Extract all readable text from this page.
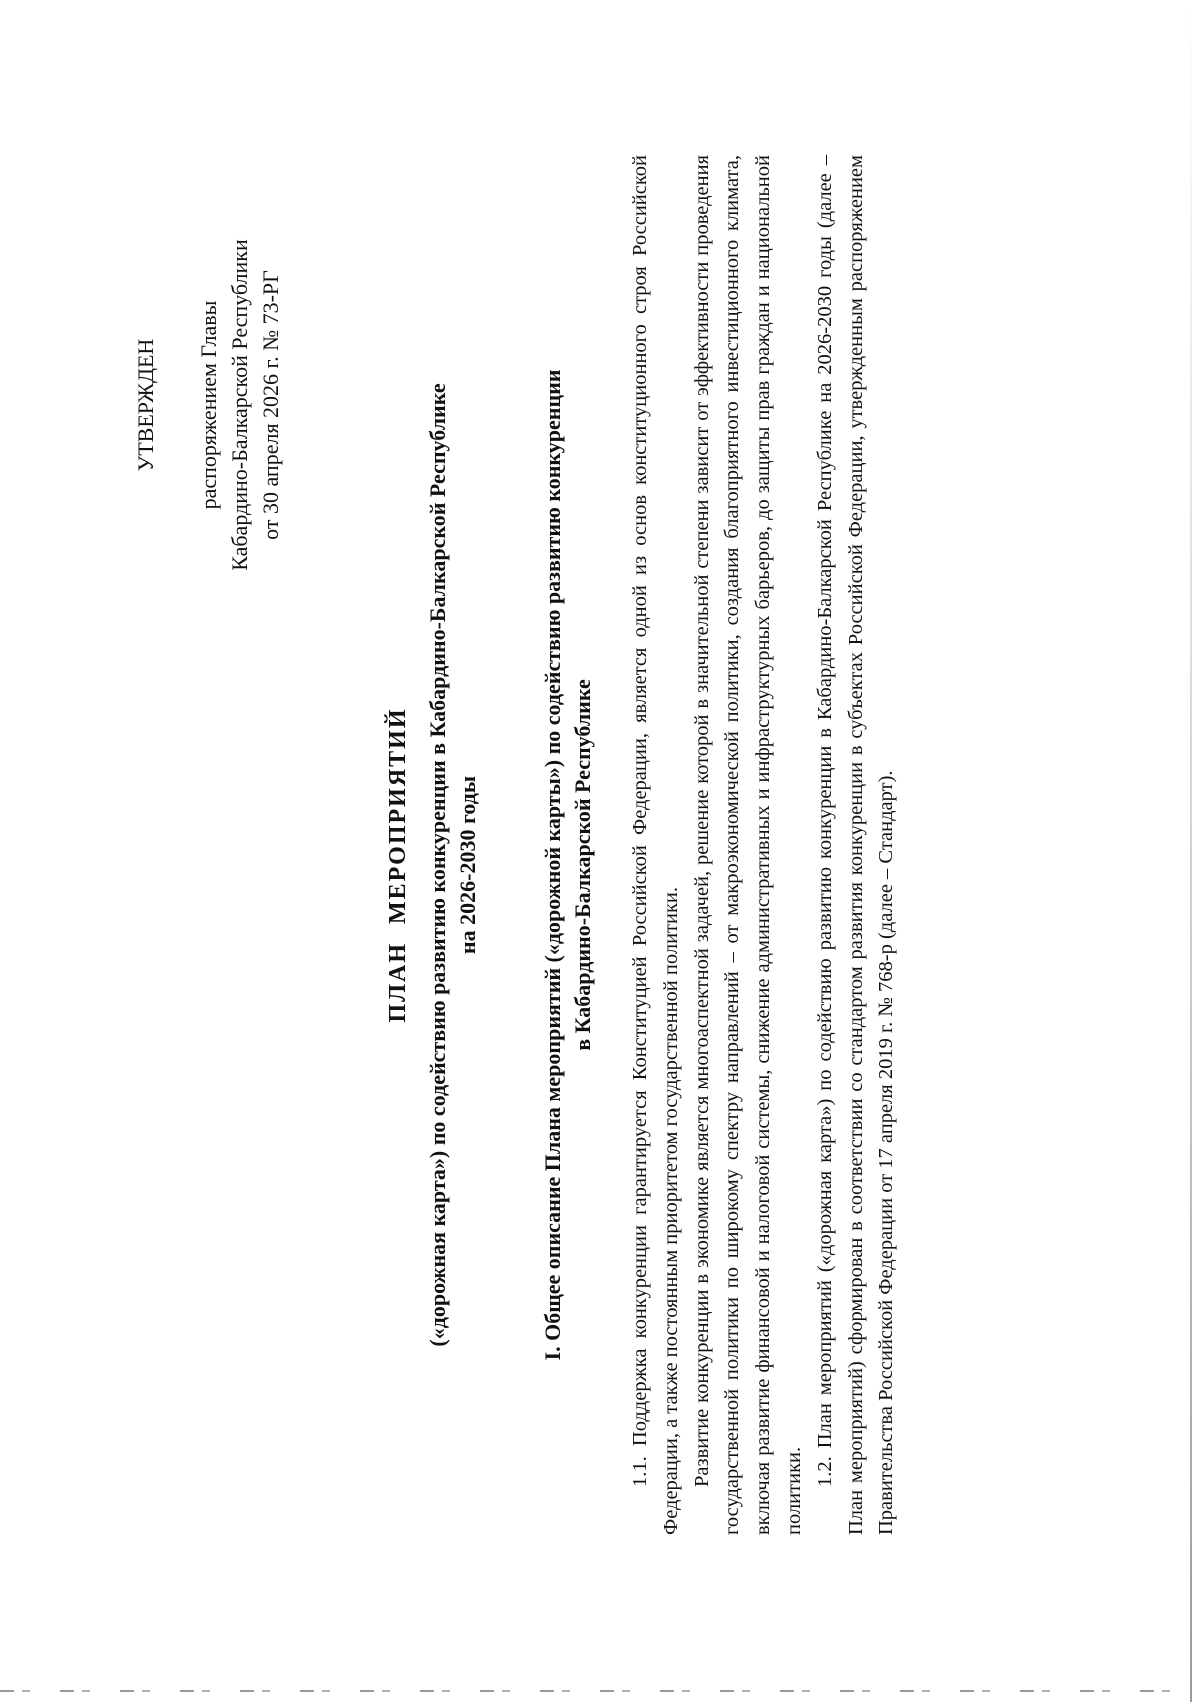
УТВЕРЖДЕН распоряжением Главы Кабардино-Балкарской Республики от 30 апреля 2026 г. № 73-РГ
ПЛАН МЕРОПРИЯТИЙ («дорожная карта») по содействию развитию конкуренции в Кабардино-Балкарской Республике на 2026-2030 годы	I. Общее описание Плана мероприятий («дорожной карты») по содействию развитию конкуренции в Кабардино-Балкарской Республике 1.1. Поддержка конкуренции гарантируется Конституцией Российской Федерации, является одной из основ конституционного строя Российской Федерации, а также постоянным приоритетом государственной политики. Развитие конкуренции в экономике является многоаспектной задачей, решение которой в значительной степени зависит от эффективности проведения государственной политики по широкому спектру направлений – от макроэкономической политики, создания благоприятного инвестиционного климата, включая развитие финансовой и налоговой системы, снижение административных и инфраструктурных барьеров, до защиты прав граждан и национальной политики.

1.2. План мероприятий («дорожная карта») по содействию развитию конкуренции в Кабардино-Балкарской Республике на 2026-2030 годы (далее – План мероприятий) сформирован в соответствии со стандартом развития конкуренции в субъектах Российской Федерации, утвержденным распоряжением Правительства Российской Федерации от 17 апреля 2019 г. № 768-р (далее – Стандарт).
